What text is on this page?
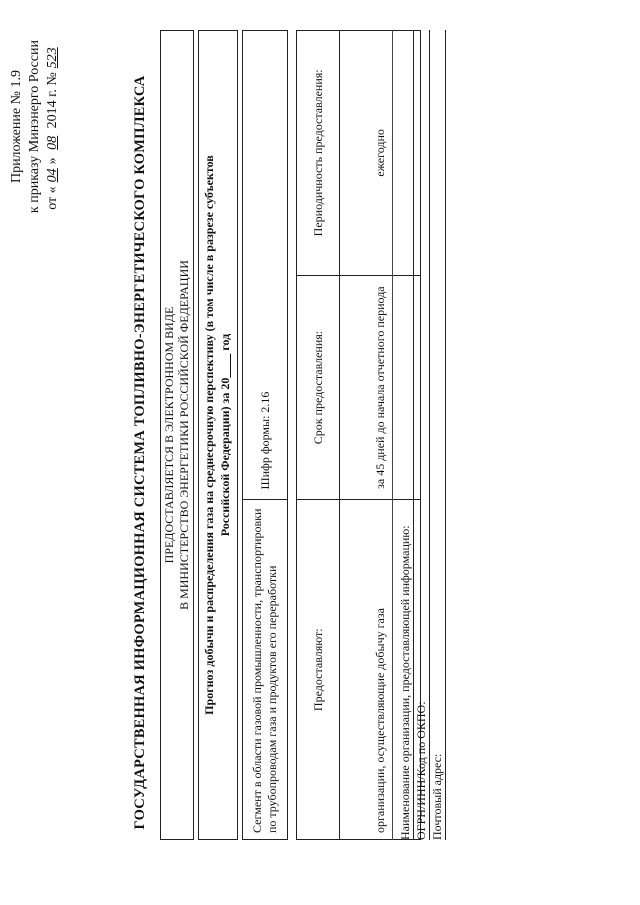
Приложение № 1.9 к приказу Минэнерго России от «04» 08 2014 г. №523
ГОСУДАРСТВЕННАЯ ИНФОРМАЦИОННАЯ СИСТЕМА ТОПЛИВНО-ЭНЕРГЕТИЧЕСКОГО КОМПЛЕКСА ПРЕДОСТАВЛЯЕТСЯ В ЭЛЕКТРОННОМ ВИДЕ В МИНИСТЕРСТВО ЭНЕРГЕТИКИ РОССИЙСКОЙ ФЕДЕРАЦИИ Прогноз добычи и распределения газа на среднесрочную перспективу (в том числе в разрезе субъектов Российской Федерации) за 20         год
Сегмент в области газовой промышленности, транспортировки по трубопроводам газа и продуктов его переработки	Шифр формы: 2.16	

Предоставляют:	Срок предоставления:	Периодичность предоставления:
организации, осуществляющие добычу газа	за 45 дней до начала отчетного периода	ежегодно
Наименование организации, предоставляющей информацию: ОГРН/ИНН/Код по ОКПО: Почтовый адрес:
